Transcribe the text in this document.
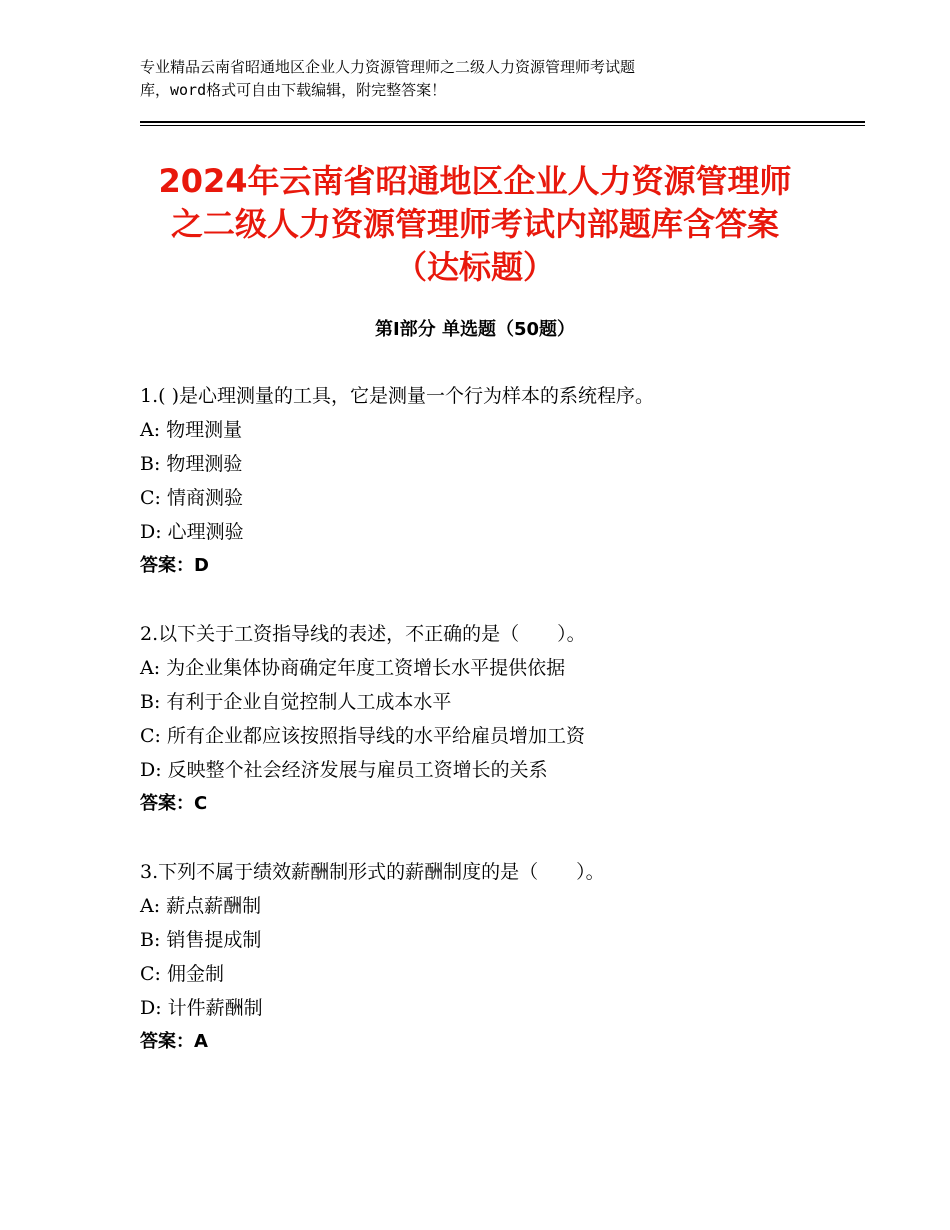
专业精品云南省昭通地区企业人力资源管理师之二级人力资源管理师考试题
库，word格式可自由下载编辑，附完整答案！
2024年云南省昭通地区企业人力资源管理师
之二级人力资源管理师考试内部题库含答案
（达标题）
第Ⅰ部分 单选题（50题）
1.( )是心理测量的工具，它是测量一个行为样本的系统程序。
A: 物理测量
B: 物理测验
C: 情商测验
D: 心理测验
答案：D
2.以下关于工资指导线的表述，不正确的是（　　）。
A: 为企业集体协商确定年度工资增长水平提供依据
B: 有利于企业自觉控制人工成本水平
C: 所有企业都应该按照指导线的水平给雇员增加工资
D: 反映整个社会经济发展与雇员工资增长的关系
答案：C
3.下列不属于绩效薪酬制形式的薪酬制度的是（　　）。
A: 薪点薪酬制
B: 销售提成制
C: 佣金制
D: 计件薪酬制
答案：A
